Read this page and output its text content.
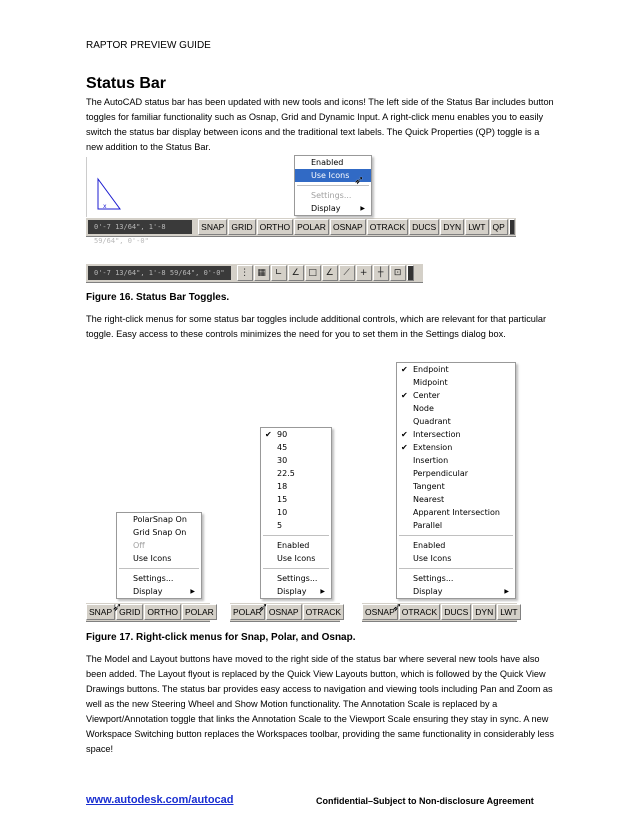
RAPTOR PREVIEW GUIDE
Status Bar
The AutoCAD status bar has been updated with new tools and icons! The left side of the Status Bar includes button toggles for familiar functionality such as Osnap, Grid and Dynamic Input. A right-click menu enables you to easily switch the status bar display between icons and the traditional text labels. The Quick Properties (QP) toggle is a new addition to the Status Bar.
x
0'-7 13/64", 1'-8 59/64", 0'-0"
SNAP GRID ORTHO POLAR OSNAP OTRACK DUCS DYN LWT QP
Enabled
Use Icons
Settings...
Display	▶
➶
0'-7 13/64", 1'-8 59/64", 0'-0"	⋮ ▦ ∟	∠ □ ∠	⟋	+	┼	⊡
Figure 16. Status Bar Toggles.
The right-click menus for some status bar toggles include additional controls, which are relevant for that particular toggle. Easy access to these controls minimizes the need for you to set them in the Settings dialog box.
PolarSnap On
Grid Snap On
Off
Use Icons
Settings...
Display	▶
SNAP GRID ORTHO POLAR
➶
✔ 90
45
30
22.5
18
15
10
5
Enabled
Use Icons
Settings...
Display ▶
POLAR OSNAP OTRACK
➶
✔ Endpoint
Midpoint
✔ Center
Node
Quadrant
✔ Intersection
✔ Extension
Insertion
Perpendicular
Tangent
Nearest
Apparent Intersection
Parallel
Enabled
Use Icons
Settings...
Display	▶
OSNAP OTRACK DUCS DYN LWT
➶
Figure 17. Right-click menus for Snap, Polar, and Osnap.
The Model and Layout buttons have moved to the right side of the status bar where several new tools have also been added. The Layout flyout is replaced by the Quick View Layouts button, which is followed by the Quick View Drawings buttons. The status bar provides easy access to navigation and viewing tools including Pan and Zoom as well as the new Steering Wheel and Show Motion functionality. The Annotation Scale is replaced by a Viewport/Annotation toggle that links the Annotation Scale to the Viewport Scale ensuring they stay in sync. A new Workspace Switching button replaces the Workspaces toolbar, providing the same functionality in considerably less space!
www.autodesk.com/autocad	Confidential–Subject to Non-disclosure Agreement
